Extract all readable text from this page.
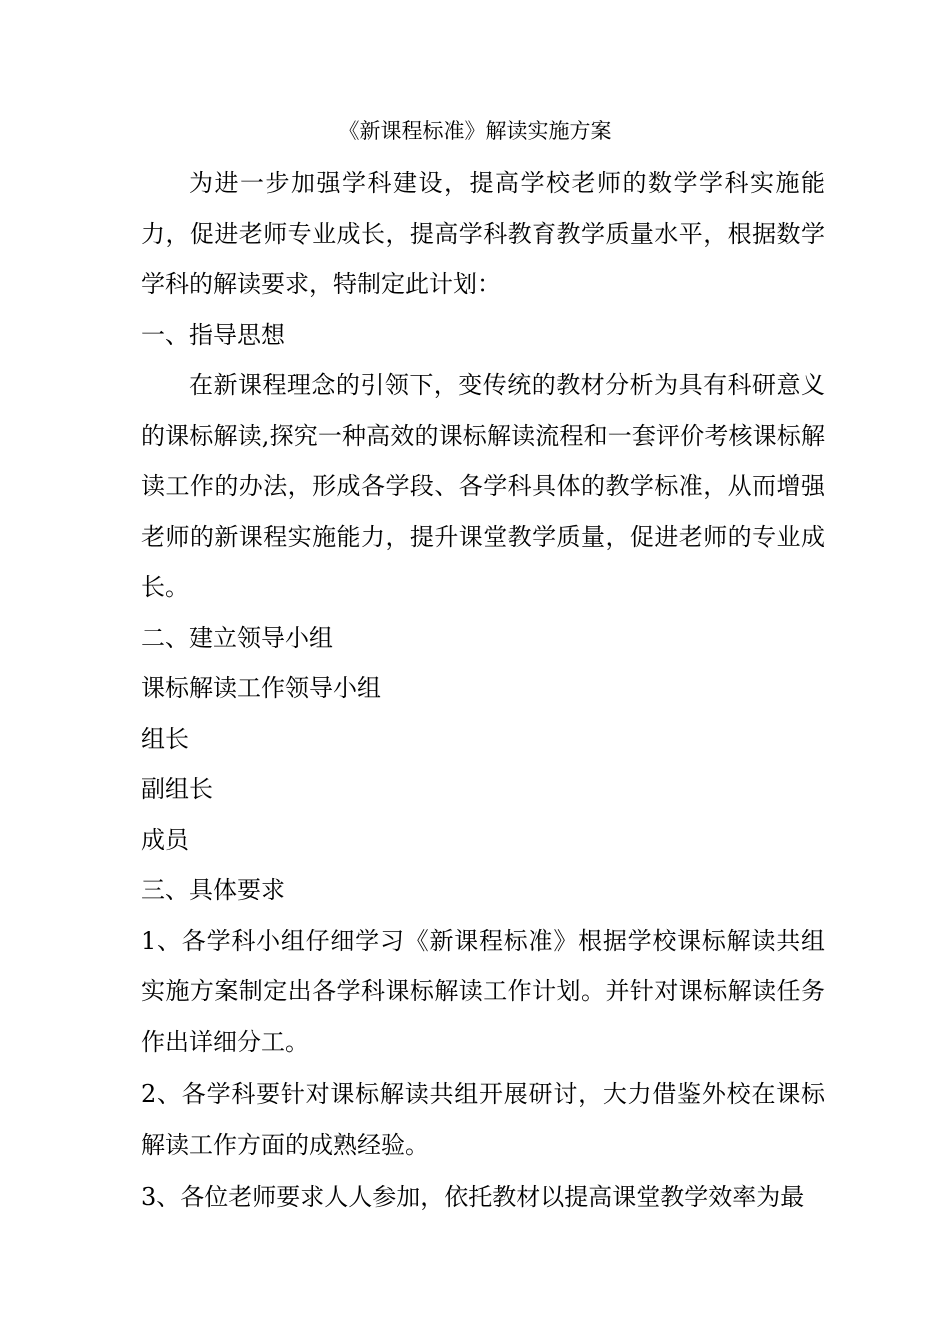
《新课程标准》解读实施方案

为进一步加强学科建设，提高学校老师的数学学科实施能力，促进老师专业成长，提高学科教育教学质量水平，根据数学学科的解读要求，特制定此计划：

一、指导思想

在新课程理念的引领下，变传统的教材分析为具有科研意义的课标解读,探究一种高效的课标解读流程和一套评价考核课标解读工作的办法，形成各学段、各学科具体的教学标准，从而增强老师的新课程实施能力，提升课堂教学质量，促进老师的专业成长。

二、建立领导小组

课标解读工作领导小组

组长

副组长

成员

三、具体要求

1、各学科小组仔细学习《新课程标准》根据学校课标解读共组实施方案制定出各学科课标解读工作计划。并针对课标解读任务作出详细分工。

2、各学科要针对课标解读共组开展研讨，大力借鉴外校在课标解读工作方面的成熟经验。

3、各位老师要求人人参加，依托教材以提高课堂教学效率为最
